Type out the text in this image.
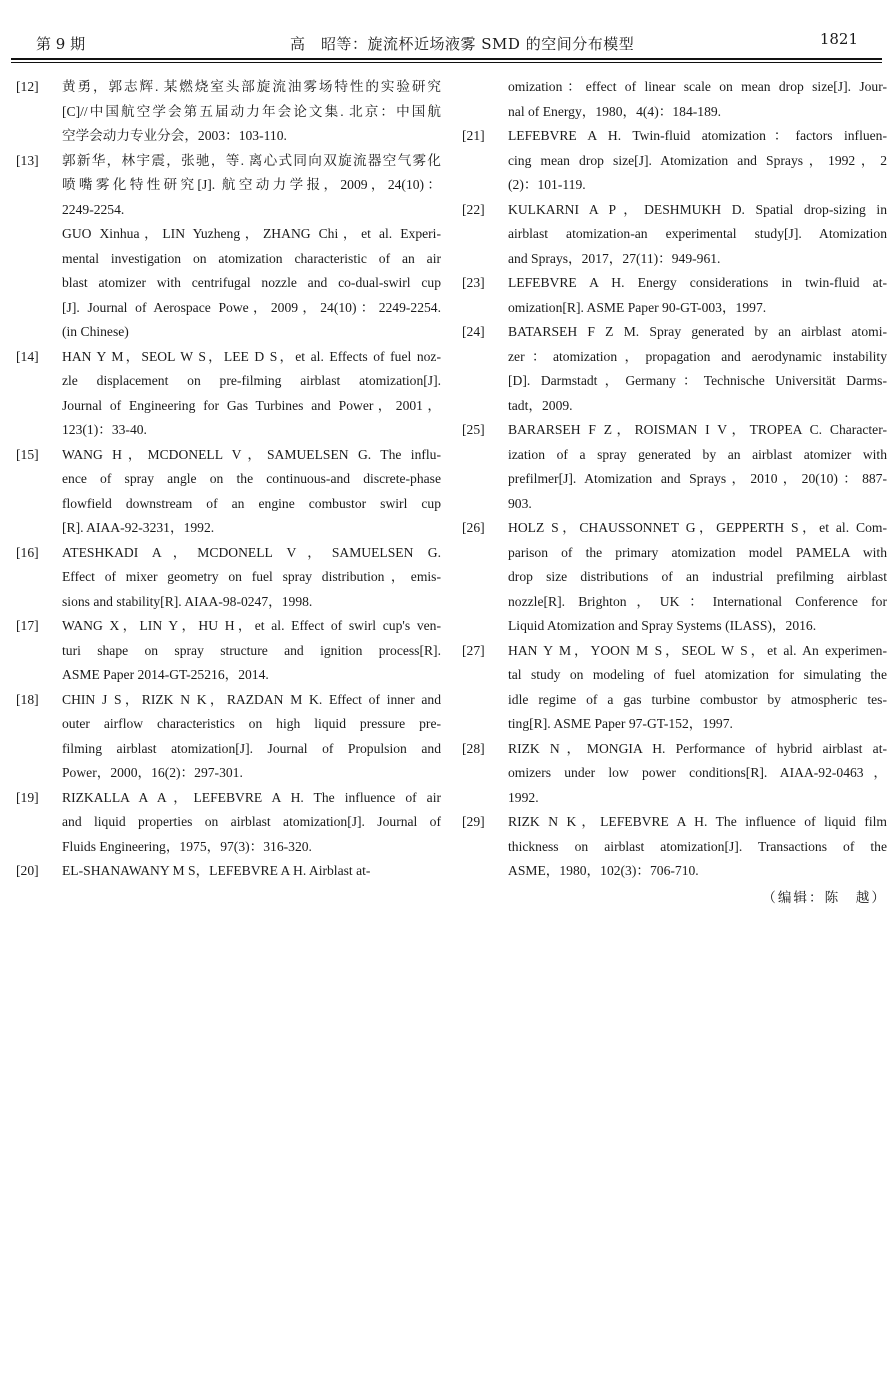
第 9 期	高　昭等：旋流杯近场液雾 SMD 的空间分布模型	1821
[12] 黄勇，郭志辉. 某燃烧室头部旋流油雾场特性的实验研究
[C]//中国航空学会第五届动力年会论文集. 北京：中国航
空学会动力专业分会，2003：103-110.
[13] 郭新华，林宇震，张驰，等. 离心式同向双旋流器空气雾化
喷嘴雾化特性研究[J]. 航空动力学报，2009，24(10)：
2249-2254.
GUO Xinhua，LIN Yuzheng，ZHANG Chi，et al. Experi-
mental investigation on atomization characteristic of an air
blast atomizer with centrifugal nozzle and co-dual-swirl cup
[J]. Journal of Aerospace Powe，2009，24(10)：2249-2254.
(in Chinese)
[14] HAN Y M，SEOL W S，LEE D S，et al. Effects of fuel noz-
zle displacement on pre-filming airblast atomization[J].
Journal of Engineering for Gas Turbines and Power，2001，
123(1)：33-40.
[15] WANG H，MCDONELL V，SAMUELSEN G. The influ-
ence of spray angle on the continuous-and discrete-phase
flowfield downstream of an engine combustor swirl cup
[R]. AIAA-92-3231，1992.
[16] ATESHKADI A，MCDONELL V，SAMUELSEN G.
Effect of mixer geometry on fuel spray distribution，emis-
sions and stability[R]. AIAA-98-0247，1998.
[17] WANG X，LIN Y，HU H，et al. Effect of swirl cup's ven-
turi shape on spray structure and ignition process[R].
ASME Paper 2014-GT-25216，2014.
[18] CHIN J S，RIZK N K，RAZDAN M K. Effect of inner and
outer airflow characteristics on high liquid pressure pre-
filming airblast atomization[J]. Journal of Propulsion and
Power，2000，16(2)：297-301.
[19] RIZKALLA A A，LEFEBVRE A H. The influence of air
and liquid properties on airblast atomization[J]. Journal of
Fluids Engineering，1975，97(3)：316-320.
[20] EL-SHANAWANY M S，LEFEBVRE A H. Airblast at-
omization：effect of linear scale on mean drop size[J]. Jour-
nal of Energy，1980，4(4)：184-189.
[21] LEFEBVRE A H. Twin-fluid atomization：factors influen-
cing mean drop size[J]. Atomization and Sprays，1992，2
(2)：101-119.
[22] KULKARNI A P，DESHMUKH D. Spatial drop-sizing in
airblast atomization-an experimental study[J]. Atomization
and Sprays，2017，27(11)：949-961.
[23] LEFEBVRE A H. Energy considerations in twin-fluid at-
omization[R]. ASME Paper 90-GT-003，1997.
[24] BATARSEH F Z M. Spray generated by an airblast atomi-
zer：atomization，propagation and aerodynamic instability
[D]. Darmstadt，Germany：Technische Universität Darms-
tadt，2009.
[25] BARARSEH F Z，ROISMAN I V，TROPEA C. Character-
ization of a spray generated by an airblast atomizer with
prefilmer[J]. Atomization and Sprays，2010，20(10)：887-
903.
[26] HOLZ S，CHAUSSONNET G，GEPPERTH S，et al. Com-
parison of the primary atomization model PAMELA with
drop size distributions of an industrial prefilming airblast
nozzle[R]. Brighton，UK：International Conference for
Liquid Atomization and Spray Systems (ILASS)，2016.
[27] HAN Y M，YOON M S，SEOL W S，et al. An experimen-
tal study on modeling of fuel atomization for simulating the
idle regime of a gas turbine combustor by atmospheric tes-
ting[R]. ASME Paper 97-GT-152，1997.
[28] RIZK N，MONGIA H. Performance of hybrid airblast at-
omizers under low power conditions[R]. AIAA-92-0463，
1992.
[29] RIZK N K，LEFEBVRE A H. The influence of liquid film
thickness on airblast atomization[J]. Transactions of the
ASME，1980，102(3)：706-710.
（编辑：陈　越）
